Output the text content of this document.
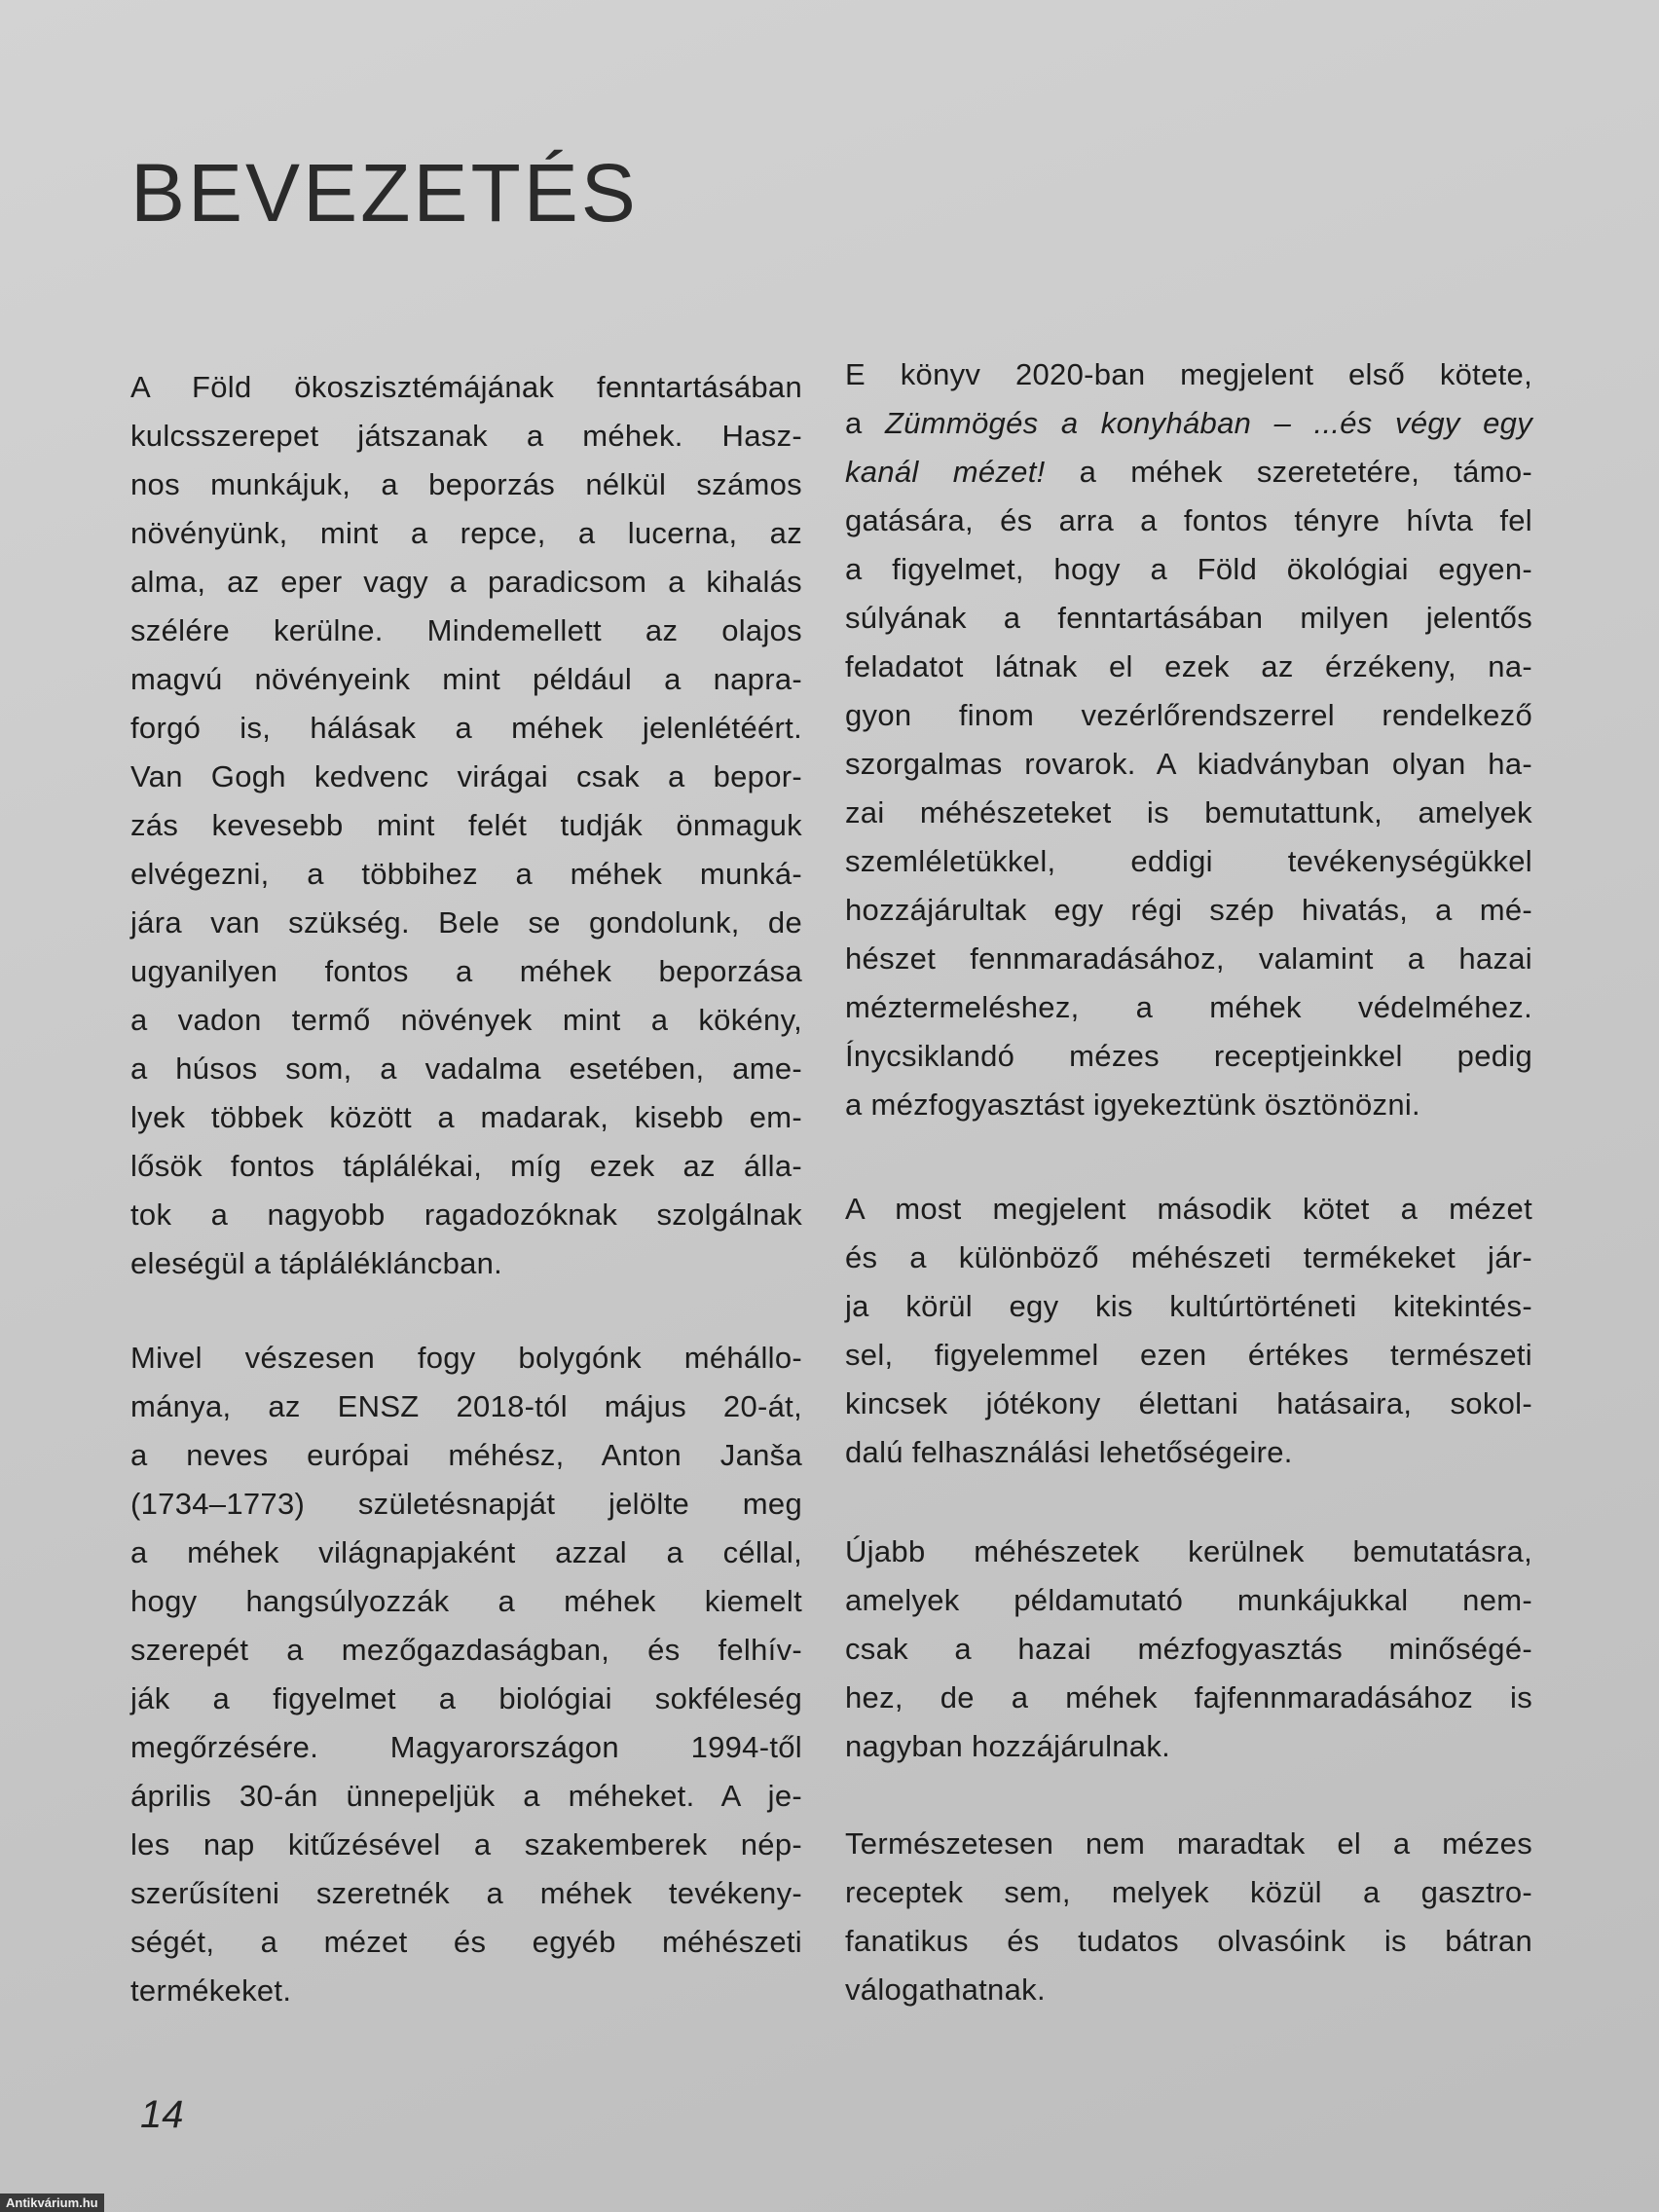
BEVEZETÉS
A Föld ökoszisztémájának fenntartásában
kulcsszerepet játszanak a méhek. Hasz-
nos munkájuk, a beporzás nélkül számos
növényünk, mint a repce, a lucerna, az
alma, az eper vagy a paradicsom a kihalás
szélére kerülne. Mindemellett az olajos
magvú növényeink mint például a napra-
forgó is, hálásak a méhek jelenlétéért.
Van Gogh kedvenc virágai csak a bepor-
zás kevesebb mint felét tudják önmaguk
elvégezni, a többihez a méhek munká-
jára van szükség. Bele se gondolunk, de
ugyanilyen fontos a méhek beporzása
a vadon termő növények mint a kökény,
a húsos som, a vadalma esetében, ame-
lyek többek között a madarak, kisebb em-
lősök fontos táplálékai, míg ezek az álla-
tok a nagyobb ragadozóknak szolgálnak
eleségül a táplálékláncban.
Mivel vészesen fogy bolygónk méhállo-
mánya, az ENSZ 2018-tól május 20-át,
a neves európai méhész, Anton Janša
(1734–1773) születésnapját jelölte meg
a méhek világnapjaként azzal a céllal,
hogy hangsúlyozzák a méhek kiemelt
szerepét a mezőgazdaságban, és felhív-
ják a figyelmet a biológiai sokféleség
megőrzésére. Magyarországon 1994-től
április 30-án ünnepeljük a méheket. A je-
les nap kitűzésével a szakemberek nép-
szerűsíteni szeretnék a méhek tevékeny-
ségét, a mézet és egyéb méhészeti
termékeket.
E könyv 2020-ban megjelent első kötete,
a Zümmögés a konyhában – ...és végy egy
kanál mézet! a méhek szeretetére, támo-
gatására, és arra a fontos tényre hívta fel
a figyelmet, hogy a Föld ökológiai egyen-
súlyának a fenntartásában milyen jelentős
feladatot látnak el ezek az érzékeny, na-
gyon finom vezérlőrendszerrel rendelkező
szorgalmas rovarok. A kiadványban olyan ha-
zai méhészeteket is bemutattunk, amelyek
szemléletükkel, eddigi tevékenységükkel
hozzájárultak egy régi szép hivatás, a mé-
hészet fennmaradásához, valamint a hazai
méztermeléshez, a méhek védelméhez.
Ínycsiklandó mézes receptjeinkkel pedig
a mézfogyasztást igyekeztünk ösztönözni.
A most megjelent második kötet a mézet
és a különböző méhészeti termékeket jár-
ja körül egy kis kultúrtörténeti kitekintés-
sel, figyelemmel ezen értékes természeti
kincsek jótékony élettani hatásaira, sokol-
dalú felhasználási lehetőségeire.
Újabb méhészetek kerülnek bemutatásra,
amelyek példamutató munkájukkal nem-
csak a hazai mézfogyasztás minőségé-
hez, de a méhek fajfennmaradásához is
nagyban hozzájárulnak.
Természetesen nem maradtak el a mézes
receptek sem, melyek közül a gasztro-
fanatikus és tudatos olvasóink is bátran
válogathatnak.
14
Antikvárium.hu
